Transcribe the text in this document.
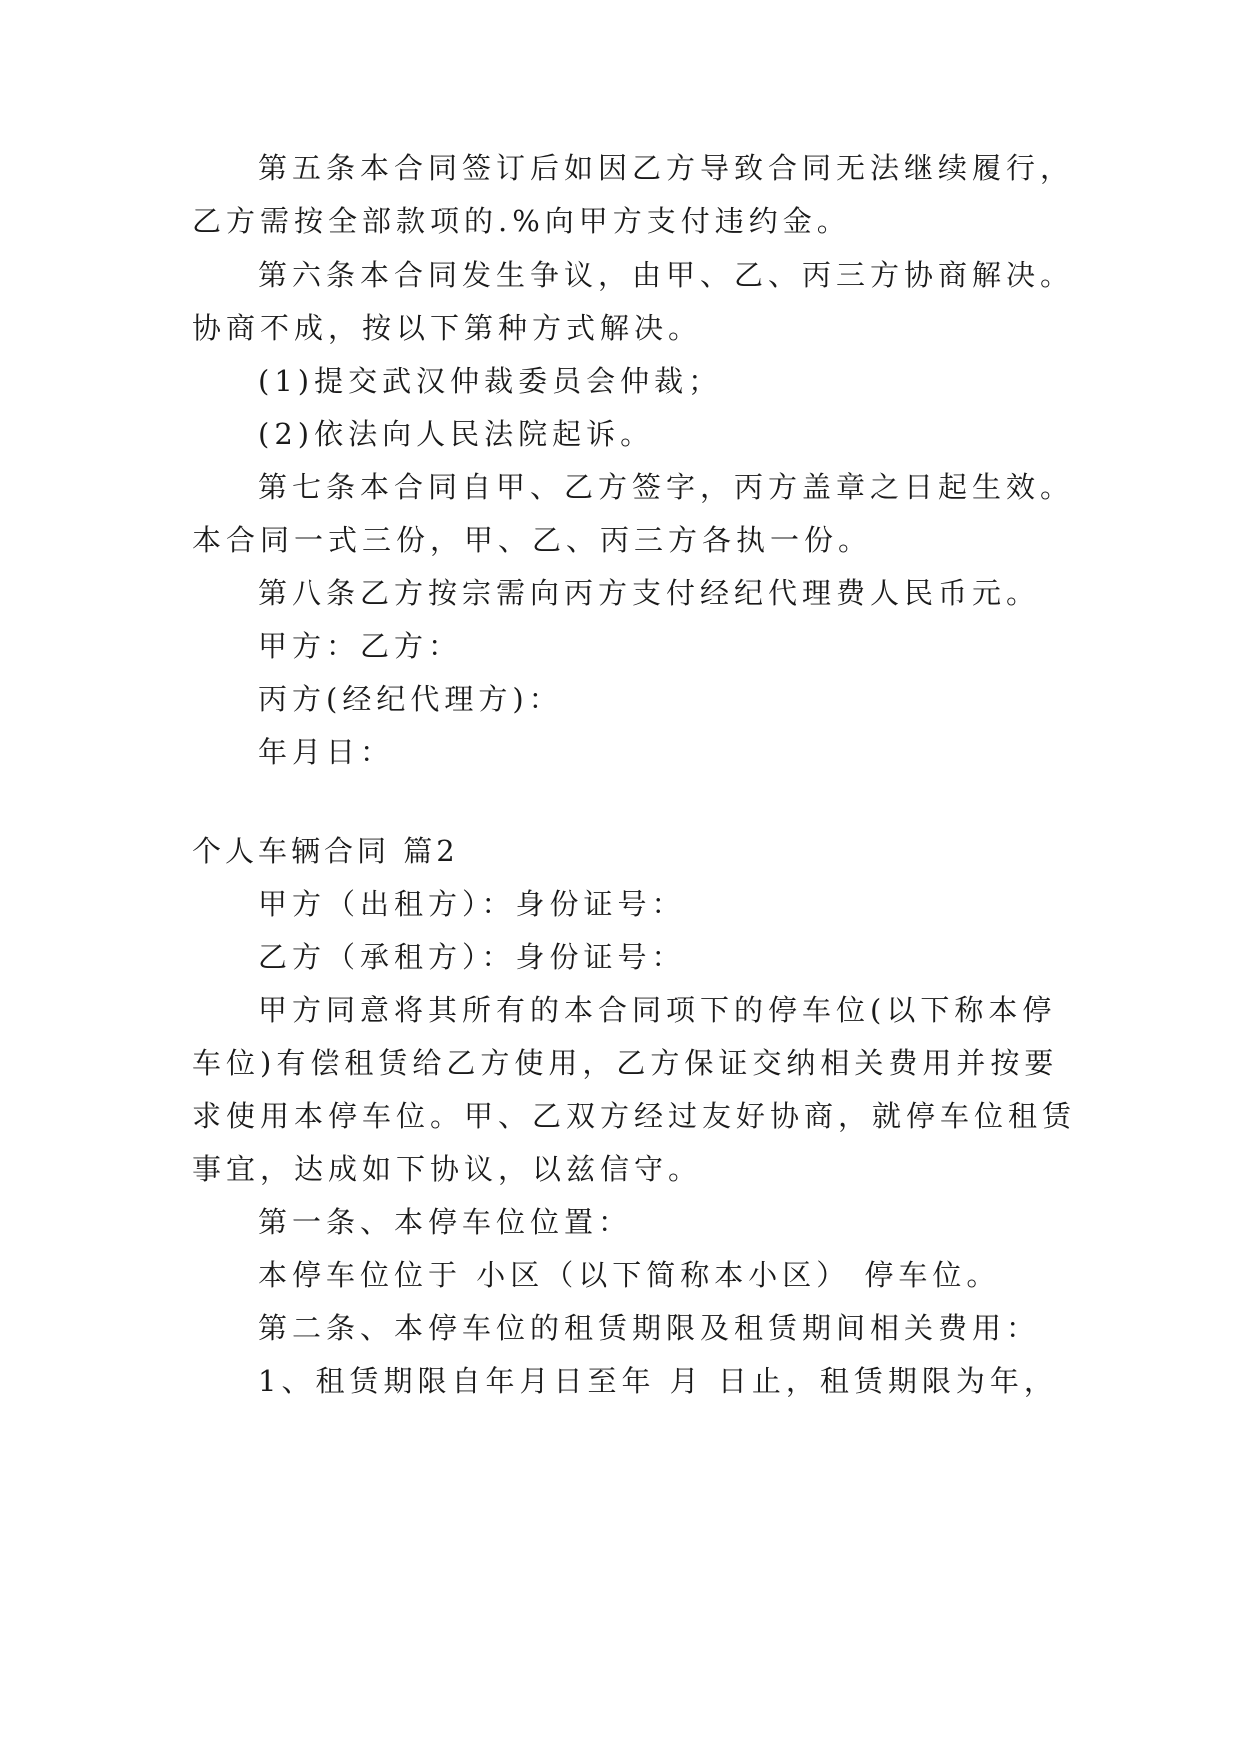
第五条本合同签订后如因乙方导致合同无法继续履行，
乙方需按全部款项的.%向甲方支付违约金。
第六条本合同发生争议，由甲、乙、丙三方协商解决。
协商不成，按以下第种方式解决。
(1)提交武汉仲裁委员会仲裁；
(2)依法向人民法院起诉。
第七条本合同自甲、乙方签字，丙方盖章之日起生效。
本合同一式三份，甲、乙、丙三方各执一份。
第八条乙方按宗需向丙方支付经纪代理费人民币元。
甲方：乙方：
丙方(经纪代理方)：
年月日：
个人车辆合同 篇2
甲方（出租方）：身份证号：
乙方（承租方）：身份证号：
甲方同意将其所有的本合同项下的停车位(以下称本停
车位)有偿租赁给乙方使用，乙方保证交纳相关费用并按要
求使用本停车位。甲、乙双方经过友好协商，就停车位租赁
事宜，达成如下协议，以兹信守。
第一条、本停车位位置：
本停车位位于 小区（以下简称本小区） 停车位。
第二条、本停车位的租赁期限及租赁期间相关费用：
1、租赁期限自年月日至年 月 日止，租赁期限为年，
